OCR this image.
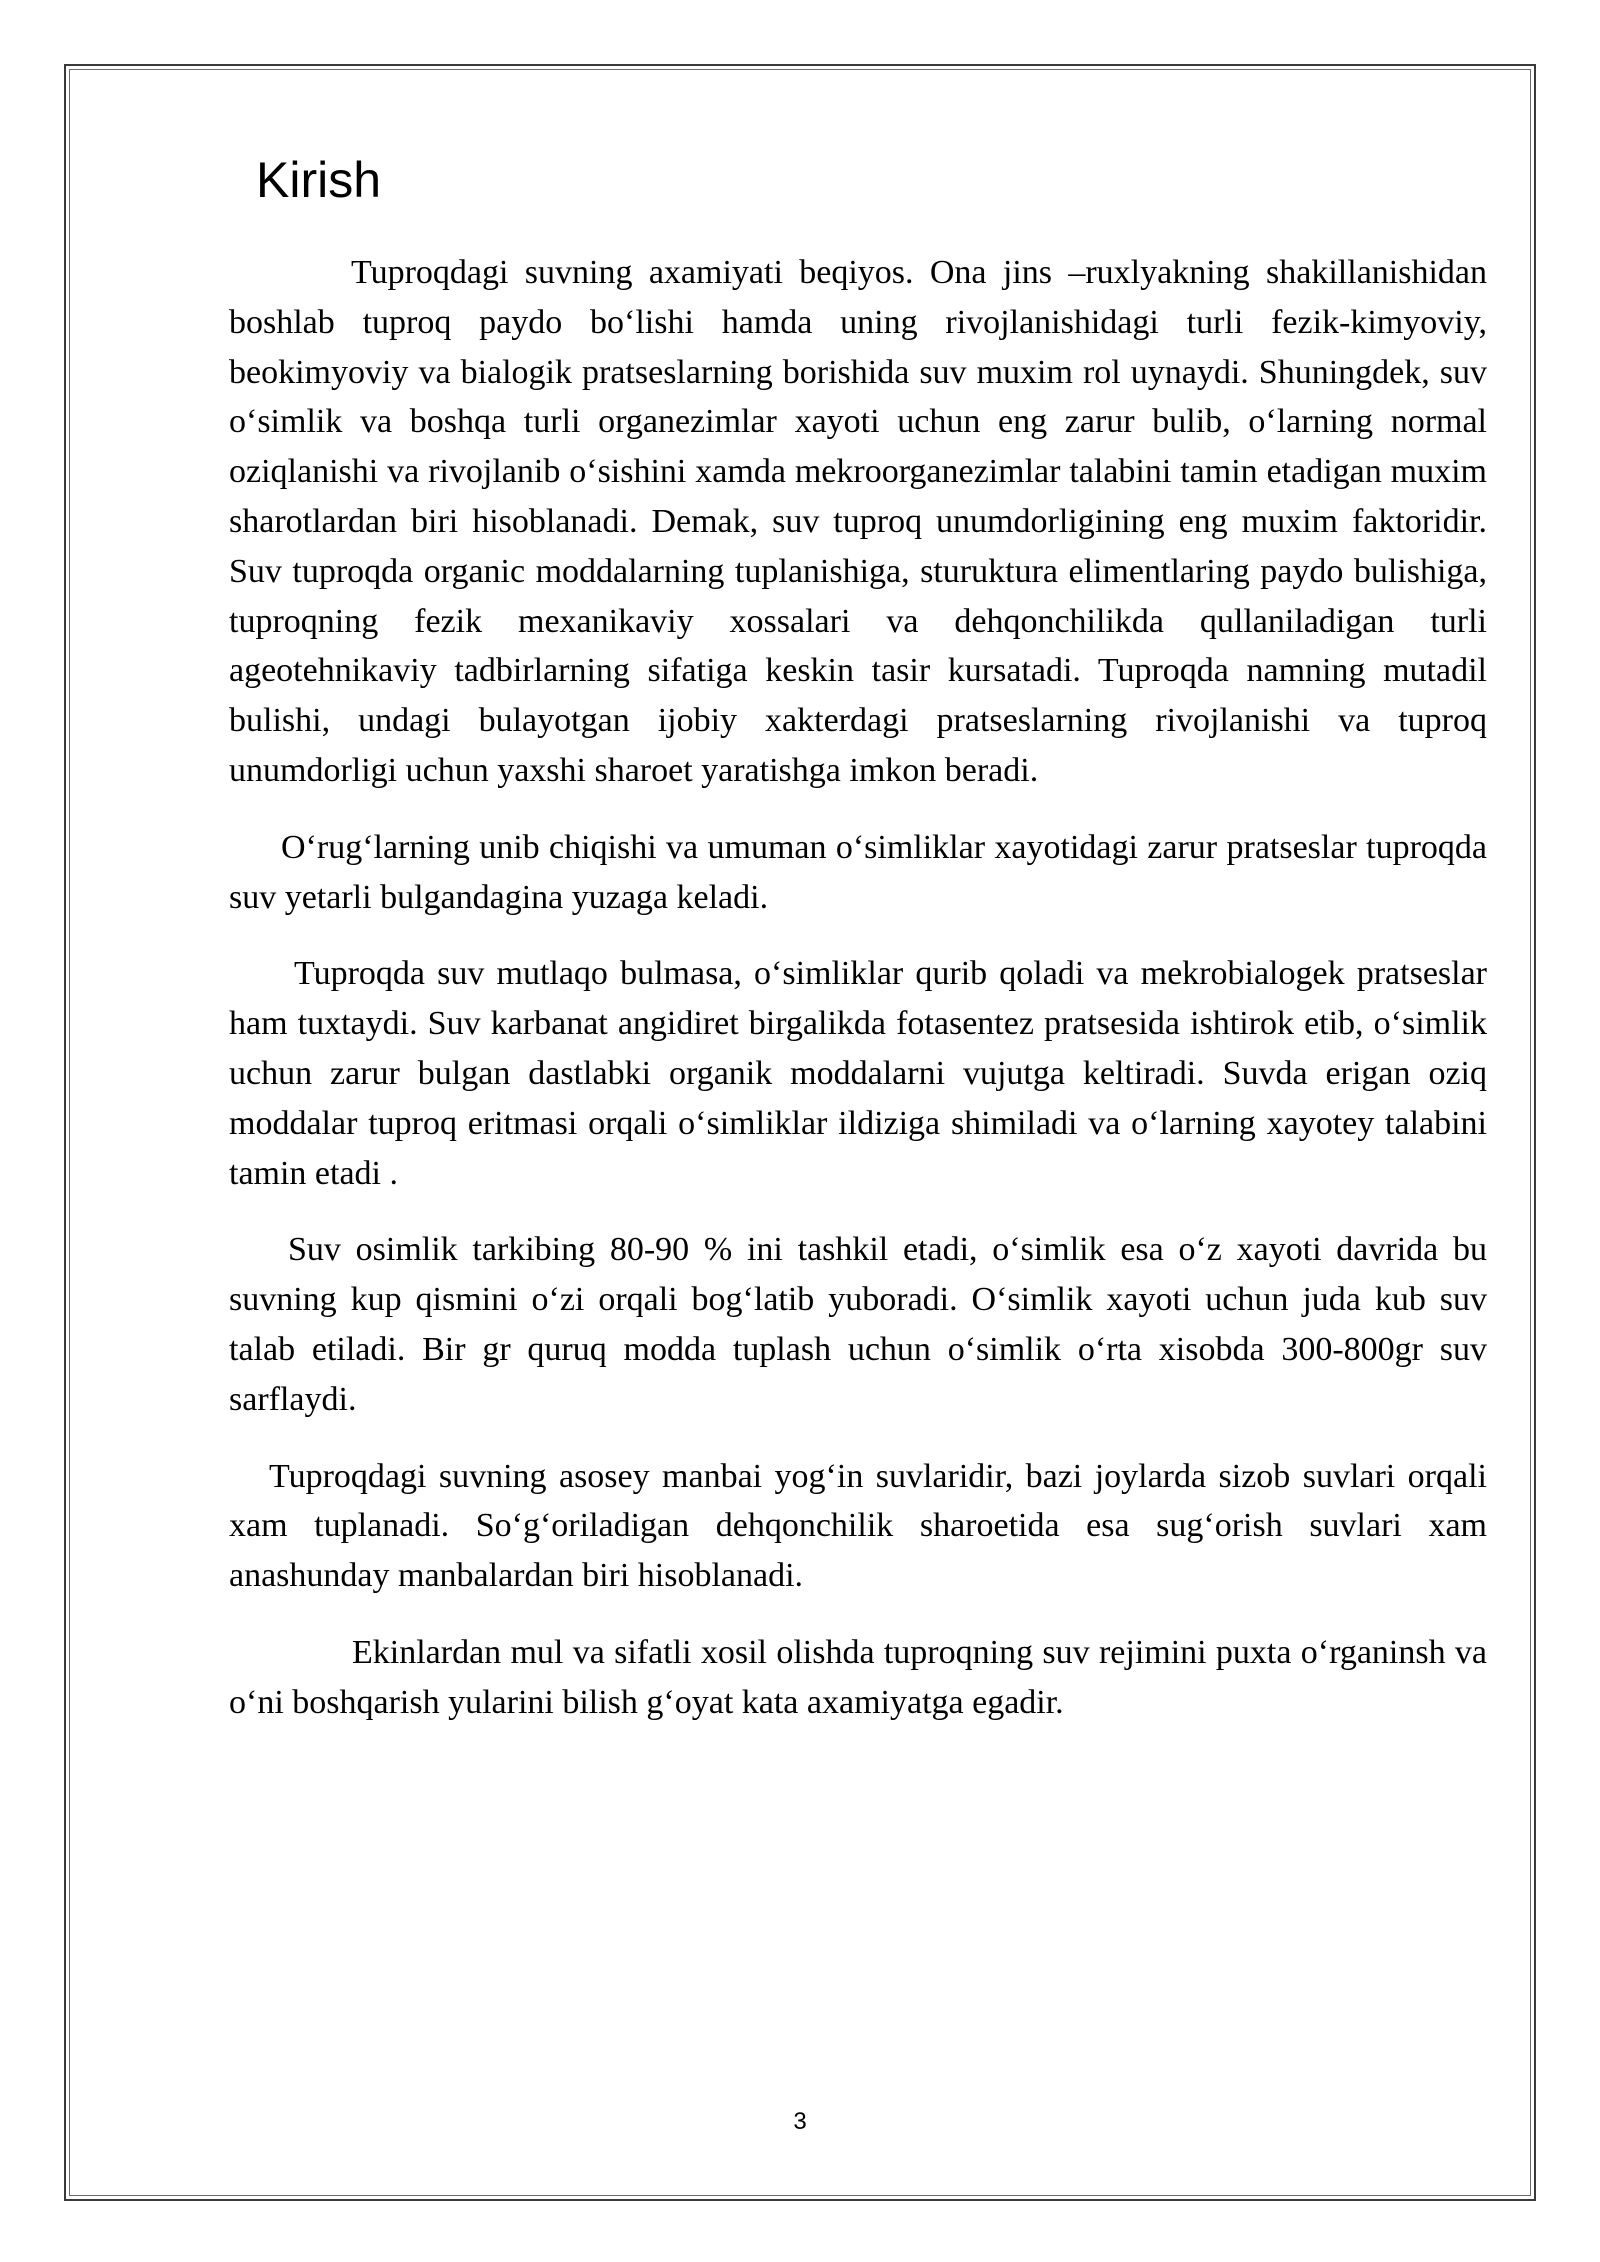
Kirish

Tuproqdagi suvning axamiyati beqiyos. Ona jins –ruxlyakning shakillanishidan boshlab tuproq paydo bo‘lishi hamda uning rivojlanishidagi turli fezik-kimyoviy, beokimyoviy va bialogik pratseslarning borishida suv muxim rol uynaydi. Shuningdek, suv o‘simlik va boshqa turli organezimlar xayoti uchun eng zarur bulib, o‘larning normal oziqlanishi va rivojlanib o‘sishini xamda mekroorganezimlar talabini tamin etadigan muxim sharotlardan biri hisoblanadi. Demak, suv tuproq unumdorligining eng muxim faktoridir. Suv tuproqda organic moddalarning tuplanishiga, sturuktura elimentlaring paydo bulishiga, tuproqning fezik mexanikaviy xossalari va dehqonchilikda qullaniladigan turli ageotehnikaviy tadbirlarning sifatiga keskin tasir kursatadi. Tuproqda namning mutadil bulishi, undagi bulayotgan ijobiy xakterdagi pratseslarning rivojlanishi va tuproq unumdorligi uchun yaxshi sharoet yaratishga imkon beradi.

O‘rug‘larning unib chiqishi va umuman o‘simliklar xayotidagi zarur pratseslar tuproqda suv yetarli bulgandagina yuzaga keladi.

Tuproqda suv mutlaqo bulmasa, o‘simliklar qurib qoladi va mekrobialogek pratseslar ham tuxtaydi. Suv karbanat angidiret birgalikda fotasentez pratsesida ishtirok etib, o‘simlik uchun zarur bulgan dastlabki organik moddalarni vujutga keltiradi. Suvda erigan oziq moddalar tuproq eritmasi orqali o‘simliklar ildiziga shimiladi va o‘larning xayotey talabini tamin etadi .

Suv osimlik tarkibing 80-90 % ini tashkil etadi, o‘simlik esa o‘z xayoti davrida bu suvning kup qismini o‘zi orqali bog‘latib yuboradi. O‘simlik xayoti uchun juda kub suv talab etiladi. Bir gr quruq modda tuplash uchun o‘simlik o‘rta xisobda 300-800gr suv sarflaydi.

Tuproqdagi suvning asosey manbai yog‘in suvlaridir, bazi joylarda sizob suvlari orqali xam tuplanadi. So‘g‘oriladigan dehqonchilik sharoetida esa sug‘orish suvlari xam anashunday manbalardan biri hisoblanadi.

Ekinlardan mul va sifatli xosil olishda tuproqning suv rejimini puxta o‘rganinsh va o‘ni boshqarish yularini bilish g‘oyat kata axamiyatga egadir.

3
